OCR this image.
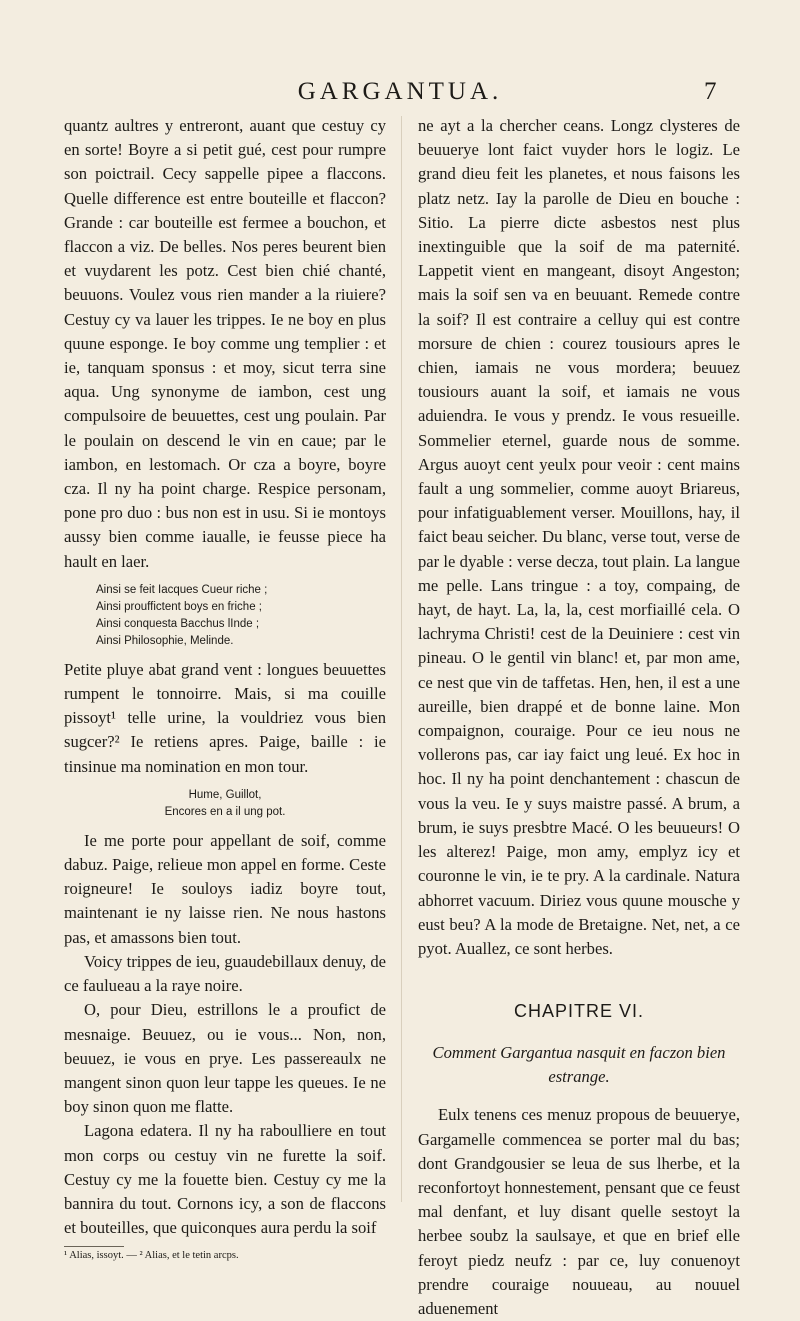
GARGANTUA.	7

quantz aultres y entreront, auant que cestuy cy en sorte! Boyre a si petit gué, cest pour rumpre son poictrail. Cecy sappelle pipee a flaccons. Quelle difference est entre bouteille et flaccon? Grande : car bouteille est fermee a bouchon, et flaccon a viz. De belles. Nos peres beurent bien et vuydarent les potz. Cest bien chié chanté, beuuons. Voulez vous rien mander a la riuiere? Cestuy cy va lauer les trippes. Ie ne boy en plus quune esponge. Ie boy comme ung templier : et ie, tanquam sponsus : et moy, sicut terra sine aqua. Ung synonyme de iambon, cest ung compulsoire de beuuettes, cest ung poulain. Par le poulain on descend le vin en caue; par le iambon, en lestomach. Or cza a boyre, boyre cza. Il ny ha point charge. Respice personam, pone pro duo : bus non est in usu. Si ie montoys aussy bien comme iaualle, ie feusse piece ha hault en laer.

Ainsi se feit Iacques Cueur riche ;
Ainsi prouffictent boys en friche ;
Ainsi conquesta Bacchus lInde ;
Ainsi Philosophie, Melinde.

Petite pluye abat grand vent : longues beuuettes rumpent le tonnoirre. Mais, si ma couille pissoyt¹ telle urine, la vouldriez vous bien sugcer?² Ie retiens apres. Paige, baille : ie tinsinue ma nomination en mon tour.

Hume, Guillot,
Encores en a il ung pot.

Ie me porte pour appellant de soif, comme dabuz. Paige, relieue mon appel en forme. Ceste roigneure! Ie souloys iadiz boyre tout, maintenant ie ny laisse rien. Ne nous hastons pas, et amassons bien tout.

Voicy trippes de ieu, guaudebillaux denuy, de ce faulueau a la raye noire.

O, pour Dieu, estrillons le a proufict de mesnaige. Beuuez, ou ie vous... Non, non, beuuez, ie vous en prye. Les passereaulx ne mangent sinon quon leur tappe les queues. Ie ne boy sinon quon me flatte.

Lagona edatera. Il ny ha raboulliere en tout mon corps ou cestuy vin ne furette la soif. Cestuy cy me la fouette bien. Cestuy cy me la bannira du tout. Cornons icy, a son de flaccons et bouteilles, que quiconques aura perdu la soif

¹ Alias, issoyt. — ² Alias, et le tetin arcps.

ne ayt a la chercher ceans. Longz clysteres de beuuerye lont faict vuyder hors le logiz. Le grand dieu feit les planetes, et nous faisons les platz netz. Iay la parolle de Dieu en bouche : Sitio. La pierre dicte asbestos nest plus inextinguible que la soif de ma paternité. Lappetit vient en mangeant, disoyt Angeston; mais la soif sen va en beuuant. Remede contre la soif? Il est contraire a celluy qui est contre morsure de chien : courez tousiours apres le chien, iamais ne vous mordera; beuuez tousiours auant la soif, et iamais ne vous aduiendra. Ie vous y prendz. Ie vous resueille. Sommelier eternel, guarde nous de somme. Argus auoyt cent yeulx pour veoir : cent mains fault a ung sommelier, comme auoyt Briareus, pour infatiguablement verser. Mouillons, hay, il faict beau seicher. Du blanc, verse tout, verse de par le dyable : verse decza, tout plain. La langue me pelle. Lans tringue : a toy, compaing, de hayt, de hayt. La, la, la, cest morfiaillé cela. O lachryma Christi! cest de la Deuiniere : cest vin pineau. O le gentil vin blanc! et, par mon ame, ce nest que vin de taffetas. Hen, hen, il est a une aureille, bien drappé et de bonne laine. Mon compaignon, couraige. Pour ce ieu nous ne vollerons pas, car iay faict ung leué. Ex hoc in hoc. Il ny ha point denchantement : chascun de vous la veu. Ie y suys maistre passé. A brum, a brum, ie suys presbtre Macé. O les beuueurs! O les alterez! Paige, mon amy, emplyz icy et couronne le vin, ie te pry. A la cardinale. Natura abhorret vacuum. Diriez vous quune mousche y eust beu? A la mode de Bretaigne. Net, net, a ce pyot. Auallez, ce sont herbes.

CHAPITRE VI.
Comment Gargantua nasquit en faczon bien estrange.

Eulx tenens ces menuz propous de beuuerye, Gargamelle commencea se porter mal du bas; dont Grandgousier se leua de sus lherbe, et la reconfortoyt honnestement, pensant que ce feust mal denfant, et luy disant quelle sestoyt la herbee soubz la saulsaye, et que en brief elle feroyt piedz neufz : par ce, luy conuenoyt prendre couraige nouueau, au nouuel aduenement
